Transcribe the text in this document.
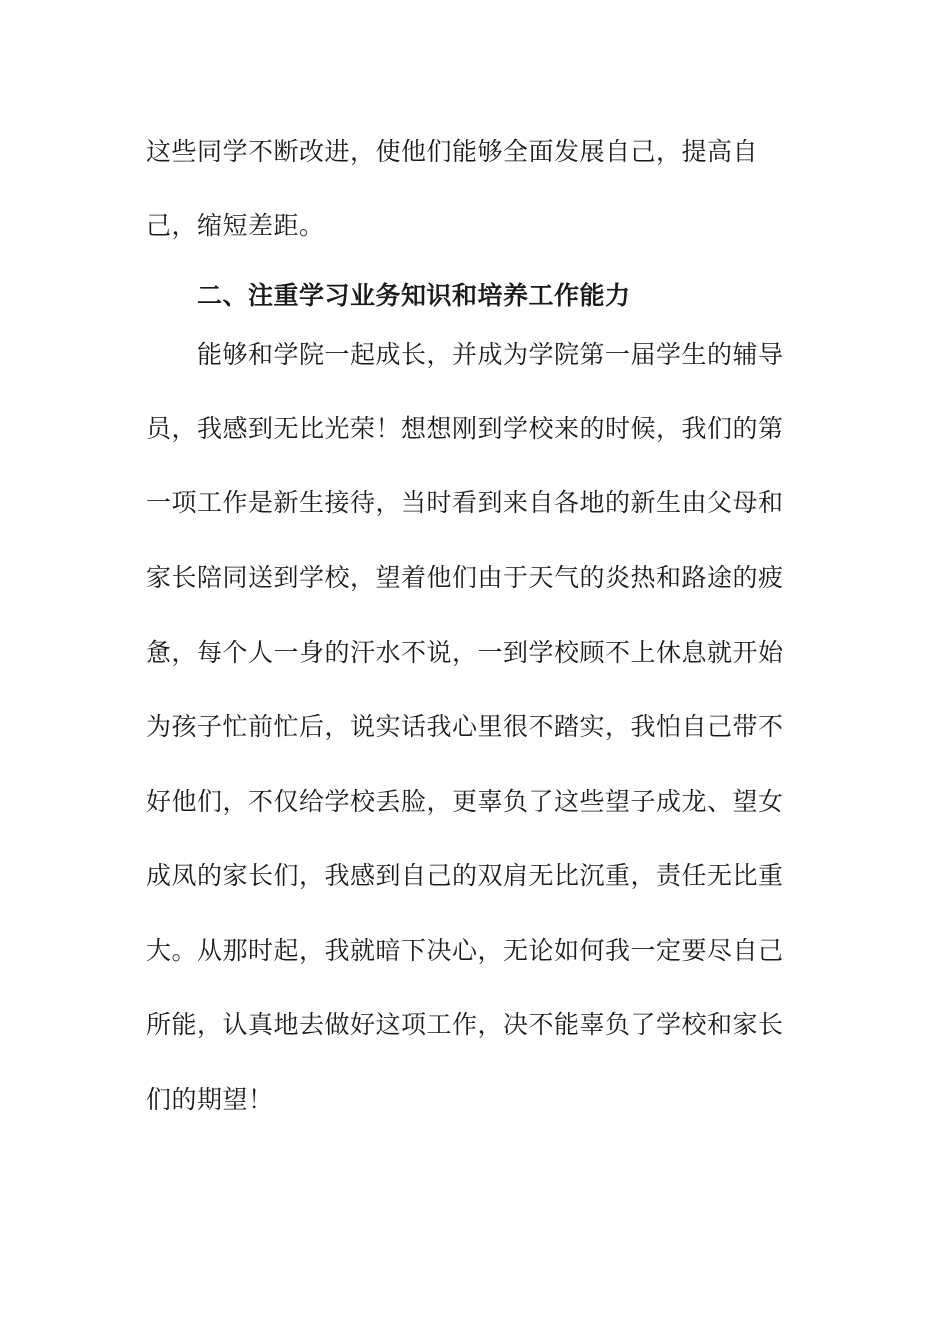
这些同学不断改进，使他们能够全面发展自己，提高自
己，缩短差距。
二、注重学习业务知识和培养工作能力
能够和学院一起成长，并成为学院第一届学生的辅导
员，我感到无比光荣！想想刚到学校来的时候，我们的第
一项工作是新生接待，当时看到来自各地的新生由父母和
家长陪同送到学校，望着他们由于天气的炎热和路途的疲
惫，每个人一身的汗水不说，一到学校顾不上休息就开始
为孩子忙前忙后，说实话我心里很不踏实，我怕自己带不
好他们，不仅给学校丢脸，更辜负了这些望子成龙、望女
成凤的家长们，我感到自己的双肩无比沉重，责任无比重
大。从那时起，我就暗下决心，无论如何我一定要尽自己
所能，认真地去做好这项工作，决不能辜负了学校和家长
们的期望！
